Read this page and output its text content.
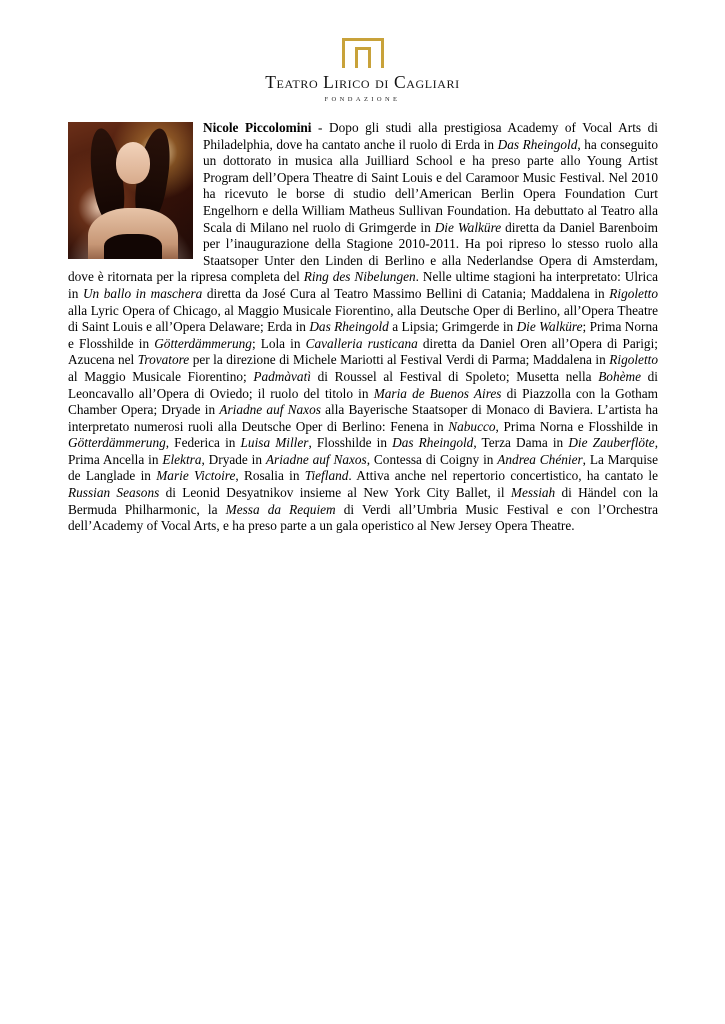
Teatro Lirico di Cagliari
FONDAZIONE
Nicole Piccolomini - Dopo gli studi alla prestigiosa Academy of Vocal Arts di Philadelphia, dove ha cantato anche il ruolo di Erda in Das Rheingold, ha conseguito un dottorato in musica alla Juilliard School e ha preso parte allo Young Artist Program dell’Opera Theatre di Saint Louis e del Caramoor Music Festival. Nel 2010 ha ricevuto le borse di studio dell’American Berlin Opera Foundation Curt Engelhorn e della William Matheus Sullivan Foundation. Ha debuttato al Teatro alla Scala di Milano nel ruolo di Grimgerde in Die Walküre diretta da Daniel Barenboim per l’inaugurazione della Stagione 2010-2011. Ha poi ripreso lo stesso ruolo alla Staatsoper Unter den Linden di Berlino e alla Nederlandse Opera di Amsterdam, dove è ritornata per la ripresa completa del Ring des Nibelungen. Nelle ultime stagioni ha interpretato: Ulrica in Un ballo in maschera diretta da José Cura al Teatro Massimo Bellini di Catania; Maddalena in Rigoletto alla Lyric Opera of Chicago, al Maggio Musicale Fiorentino, alla Deutsche Oper di Berlino, all’Opera Theatre di Saint Louis e all’Opera Delaware; Erda in Das Rheingold a Lipsia; Grimgerde in Die Walküre; Prima Norna e Flosshilde in Götterdämmerung; Lola in Cavalleria rusticana diretta da Daniel Oren all’Opera di Parigi; Azucena nel Trovatore per la direzione di Michele Mariotti al Festival Verdi di Parma; Maddalena in Rigoletto al Maggio Musicale Fiorentino; Padmàvatì di Roussel al Festival di Spoleto; Musetta nella Bohème di Leoncavallo all’Opera di Oviedo; il ruolo del titolo in Maria de Buenos Aires di Piazzolla con la Gotham Chamber Opera; Dryade in Ariadne auf Naxos alla Bayerische Staatsoper di Monaco di Baviera. L’artista ha interpretato numerosi ruoli alla Deutsche Oper di Berlino: Fenena in Nabucco, Prima Norna e Flosshilde in Götterdämmerung, Federica in Luisa Miller, Flosshilde in Das Rheingold, Terza Dama in Die Zauberflöte, Prima Ancella in Elektra, Dryade in Ariadne auf Naxos, Contessa di Coigny in Andrea Chénier, La Marquise de Langlade in Marie Victoire, Rosalia in Tiefland. Attiva anche nel repertorio concertistico, ha cantato le Russian Seasons di Leonid Desyatnikov insieme al New York City Ballet, il Messiah di Händel con la Bermuda Philharmonic, la Messa da Requiem di Verdi all’Umbria Music Festival e con l’Orchestra dell’Academy of Vocal Arts, e ha preso parte a un gala operistico al New Jersey Opera Theatre.
